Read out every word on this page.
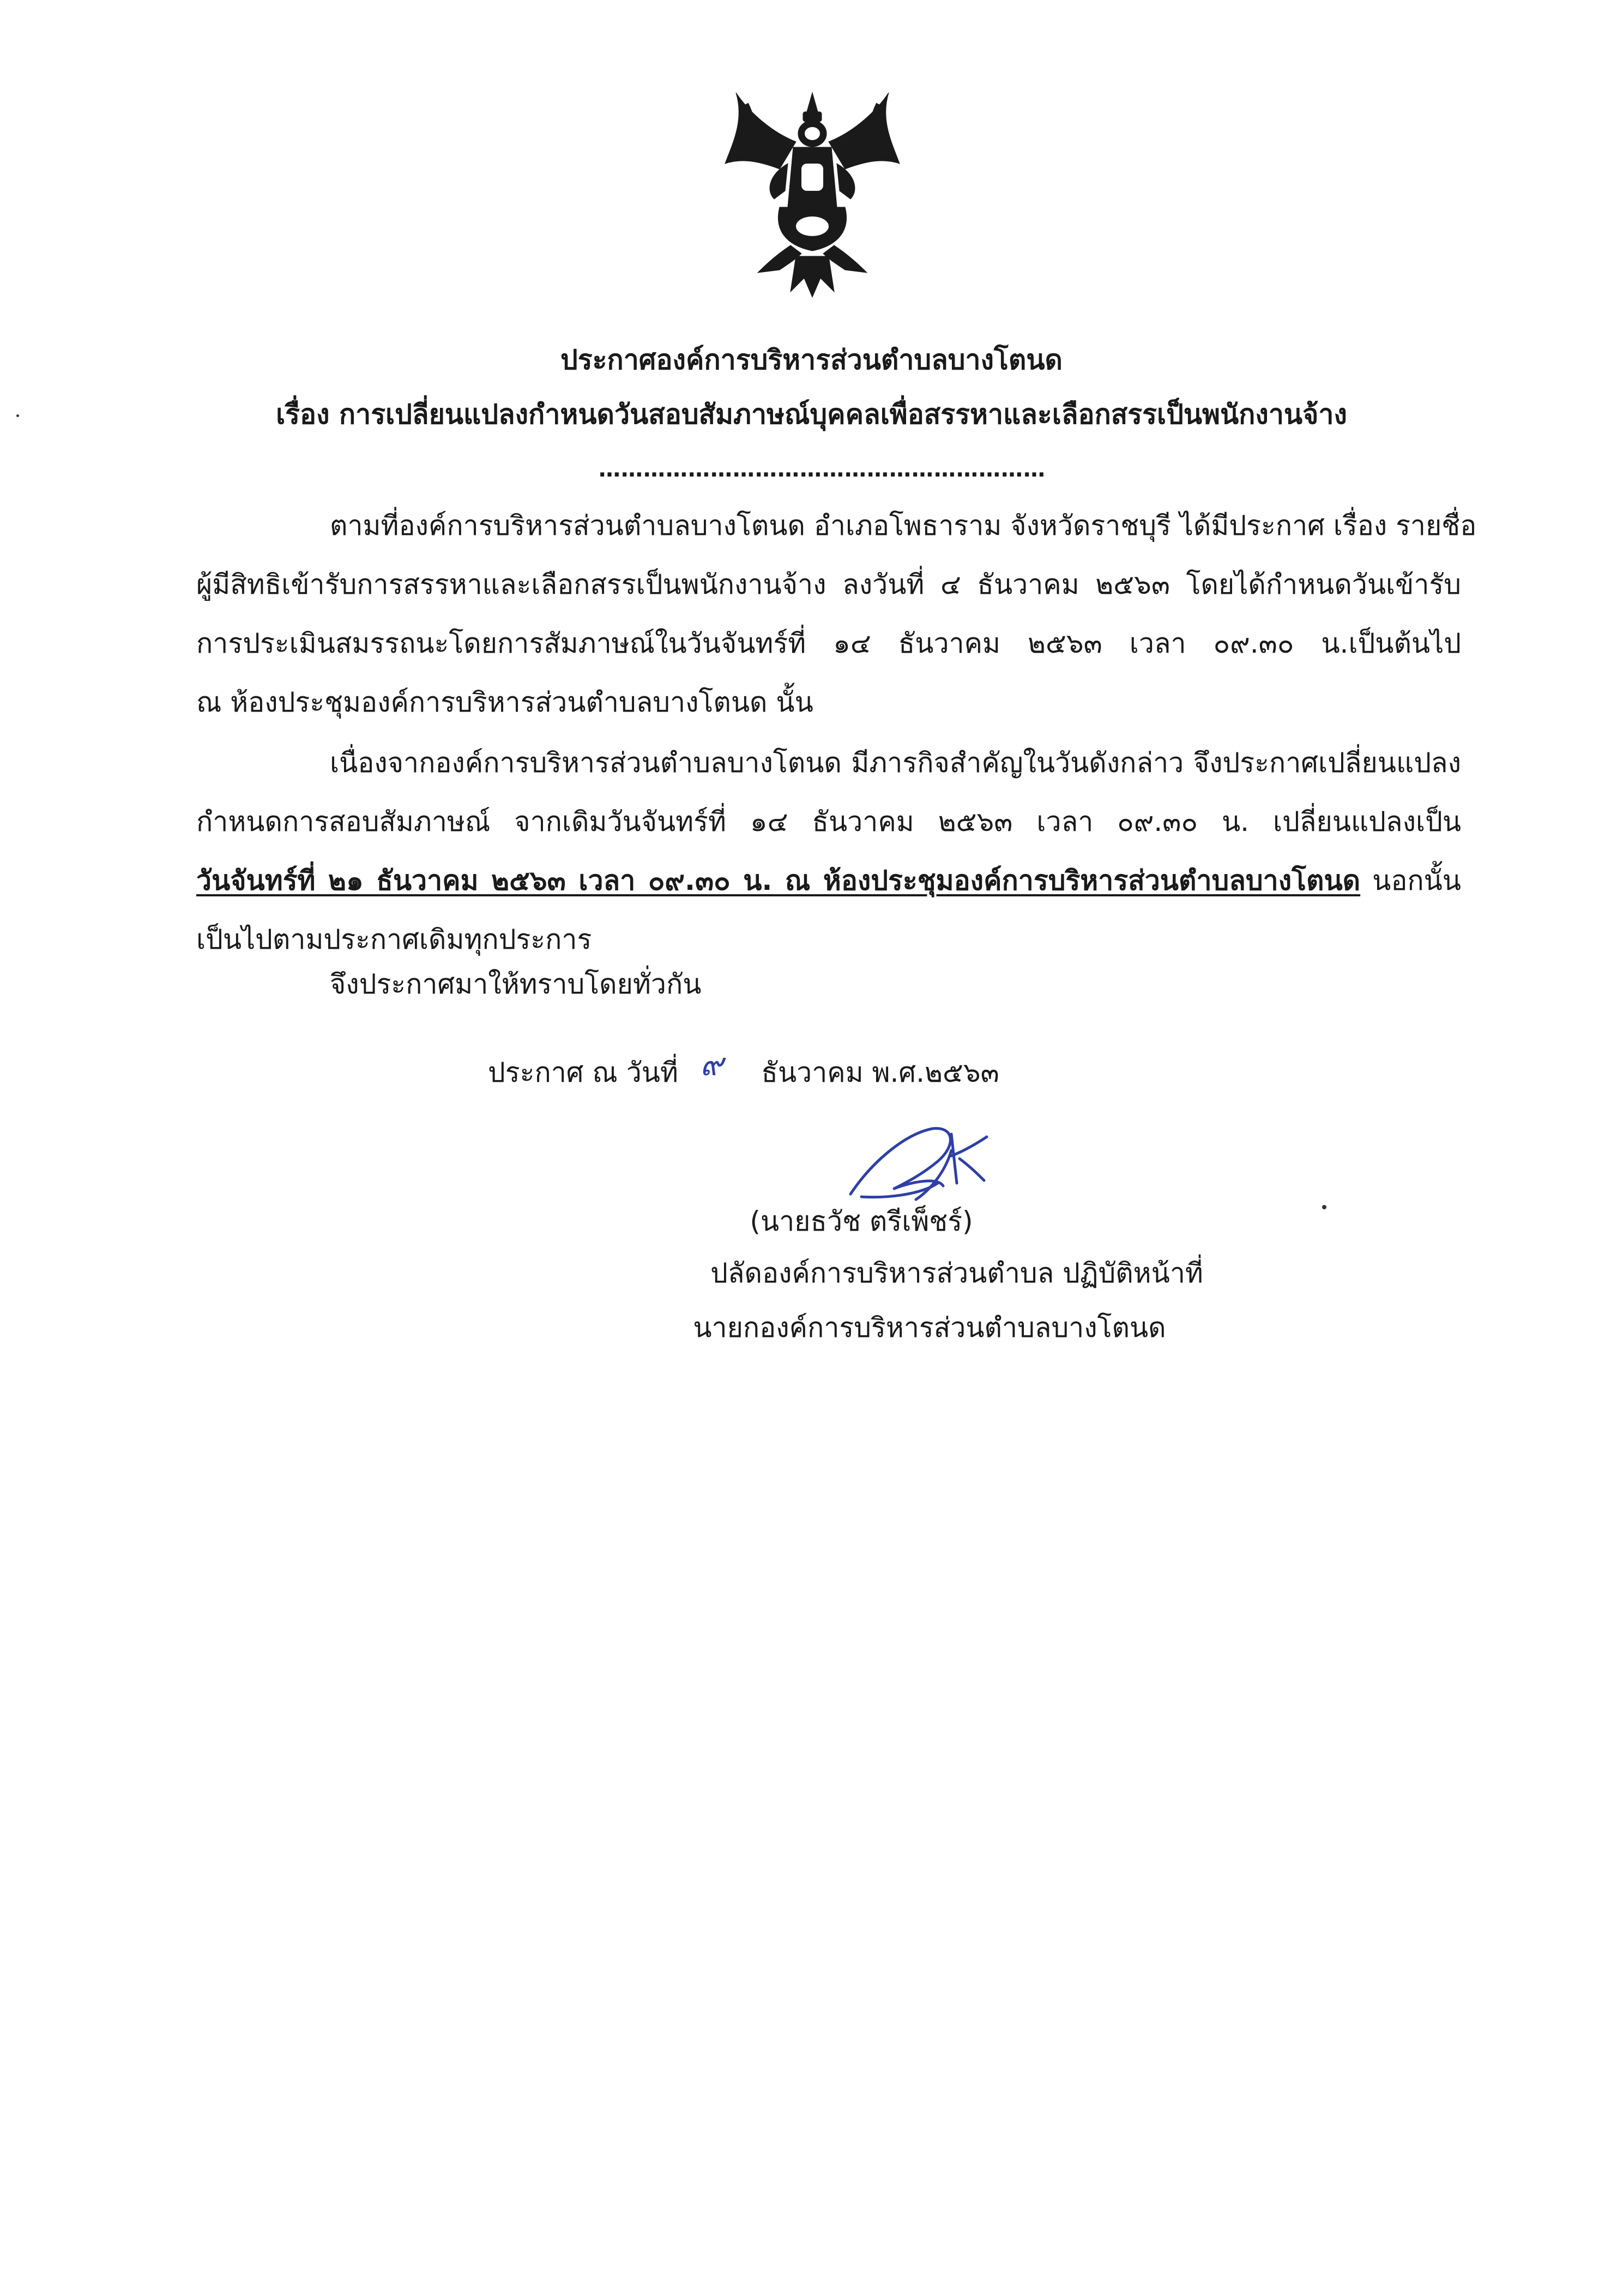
ประกาศองค์การบริหารส่วนตำบลบางโตนด
เรื่อง การเปลี่ยนแปลงกำหนดวันสอบสัมภาษณ์บุคคลเพื่อสรรหาและเลือกสรรเป็นพนักงานจ้าง
……………………………………………………
ตามที่องค์การบริหารส่วนตำบลบางโตนด อำเภอโพธาราม จังหวัดราชบุรี ได้มีประกาศ เรื่อง รายชื่อ
ผู้มีสิทธิเข้ารับการสรรหาและเลือกสรรเป็นพนักงานจ้าง ลงวันที่ ๔ ธันวาคม ๒๕๖๓ โดยได้กำหนดวันเข้ารับ
การประเมินสมรรถนะโดยการสัมภาษณ์ในวันจันทร์ที่ ๑๔ ธันวาคม ๒๕๖๓ เวลา ๐๙.๓๐ น.เป็นต้นไป
ณ ห้องประชุมองค์การบริหารส่วนตำบลบางโตนด นั้น
เนื่องจากองค์การบริหารส่วนตำบลบางโตนด มีภารกิจสำคัญในวันดังกล่าว จึงประกาศเปลี่ยนแปลง
กำหนดการสอบสัมภาษณ์ จากเดิมวันจันทร์ที่ ๑๔ ธันวาคม ๒๕๖๓ เวลา ๐๙.๓๐ น. เปลี่ยนแปลงเป็น
วันจันทร์ที่ ๒๑ ธันวาคม ๒๕๖๓ เวลา ๐๙.๓๐ น. ณ ห้องประชุมองค์การบริหารส่วนตำบลบางโตนด นอกนั้น
เป็นไปตามประกาศเดิมทุกประการ
จึงประกาศมาให้ทราบโดยทั่วกัน
ประกาศ ณ วันที่ ๙ ธันวาคม พ.ศ.๒๕๖๓
(นายธวัช ตรีเพ็ชร์)
ปลัดองค์การบริหารส่วนตำบล ปฏิบัติหน้าที่
นายกองค์การบริหารส่วนตำบลบางโตนด
